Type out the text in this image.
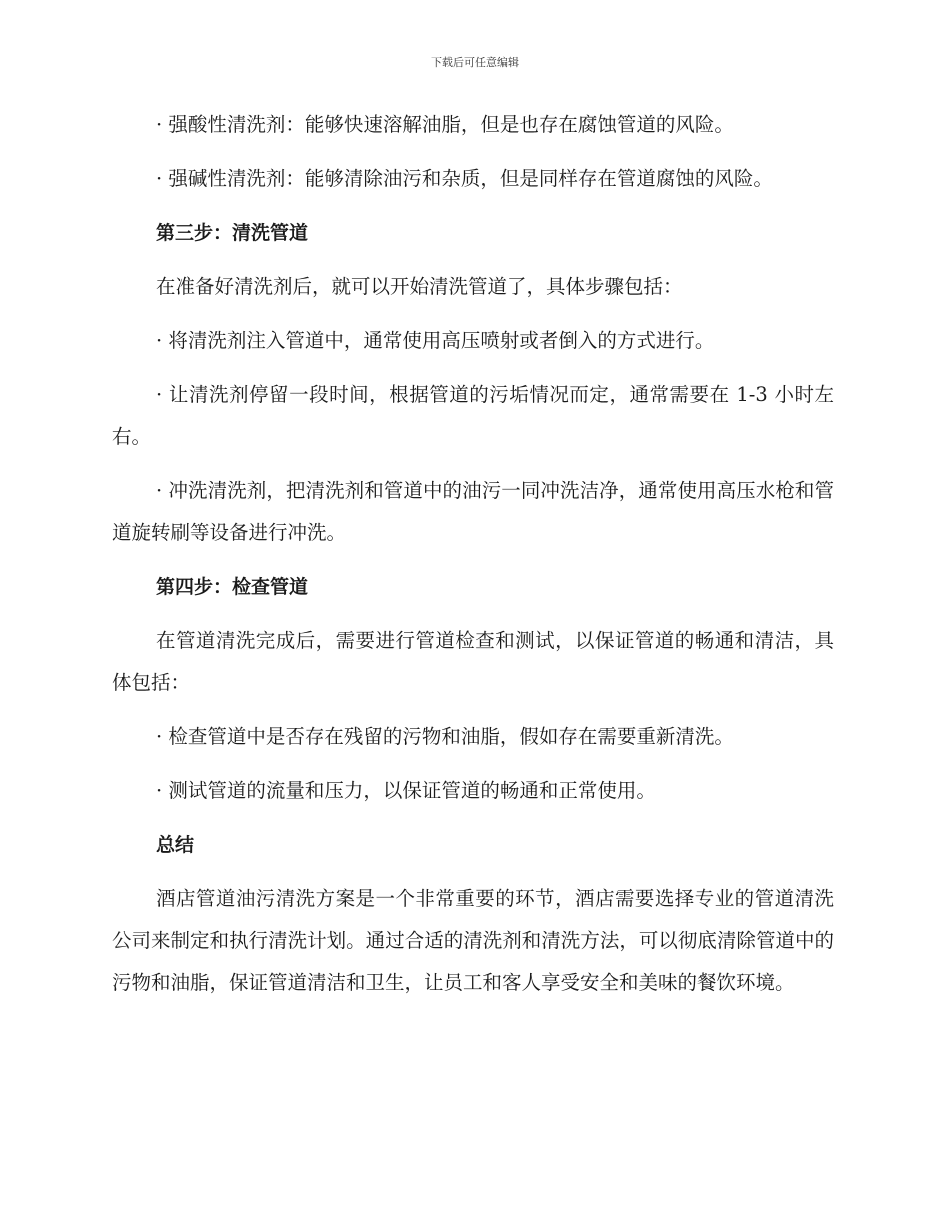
下载后可任意编辑

· 强酸性清洗剂：能够快速溶解油脂，但是也存在腐蚀管道的风险。

· 强碱性清洗剂：能够清除油污和杂质，但是同样存在管道腐蚀的风险。

第三步：清洗管道

在准备好清洗剂后，就可以开始清洗管道了，具体步骤包括：

· 将清洗剂注入管道中，通常使用高压喷射或者倒入的方式进行。

· 让清洗剂停留一段时间，根据管道的污垢情况而定，通常需要在 1-3 小时左右。

· 冲洗清洗剂，把清洗剂和管道中的油污一同冲洗洁净，通常使用高压水枪和管道旋转刷等设备进行冲洗。

第四步：检查管道

在管道清洗完成后，需要进行管道检查和测试，以保证管道的畅通和清洁，具体包括：

· 检查管道中是否存在残留的污物和油脂，假如存在需要重新清洗。

· 测试管道的流量和压力，以保证管道的畅通和正常使用。

总结

酒店管道油污清洗方案是一个非常重要的环节，酒店需要选择专业的管道清洗公司来制定和执行清洗计划。通过合适的清洗剂和清洗方法，可以彻底清除管道中的污物和油脂，保证管道清洁和卫生，让员工和客人享受安全和美味的餐饮环境。
